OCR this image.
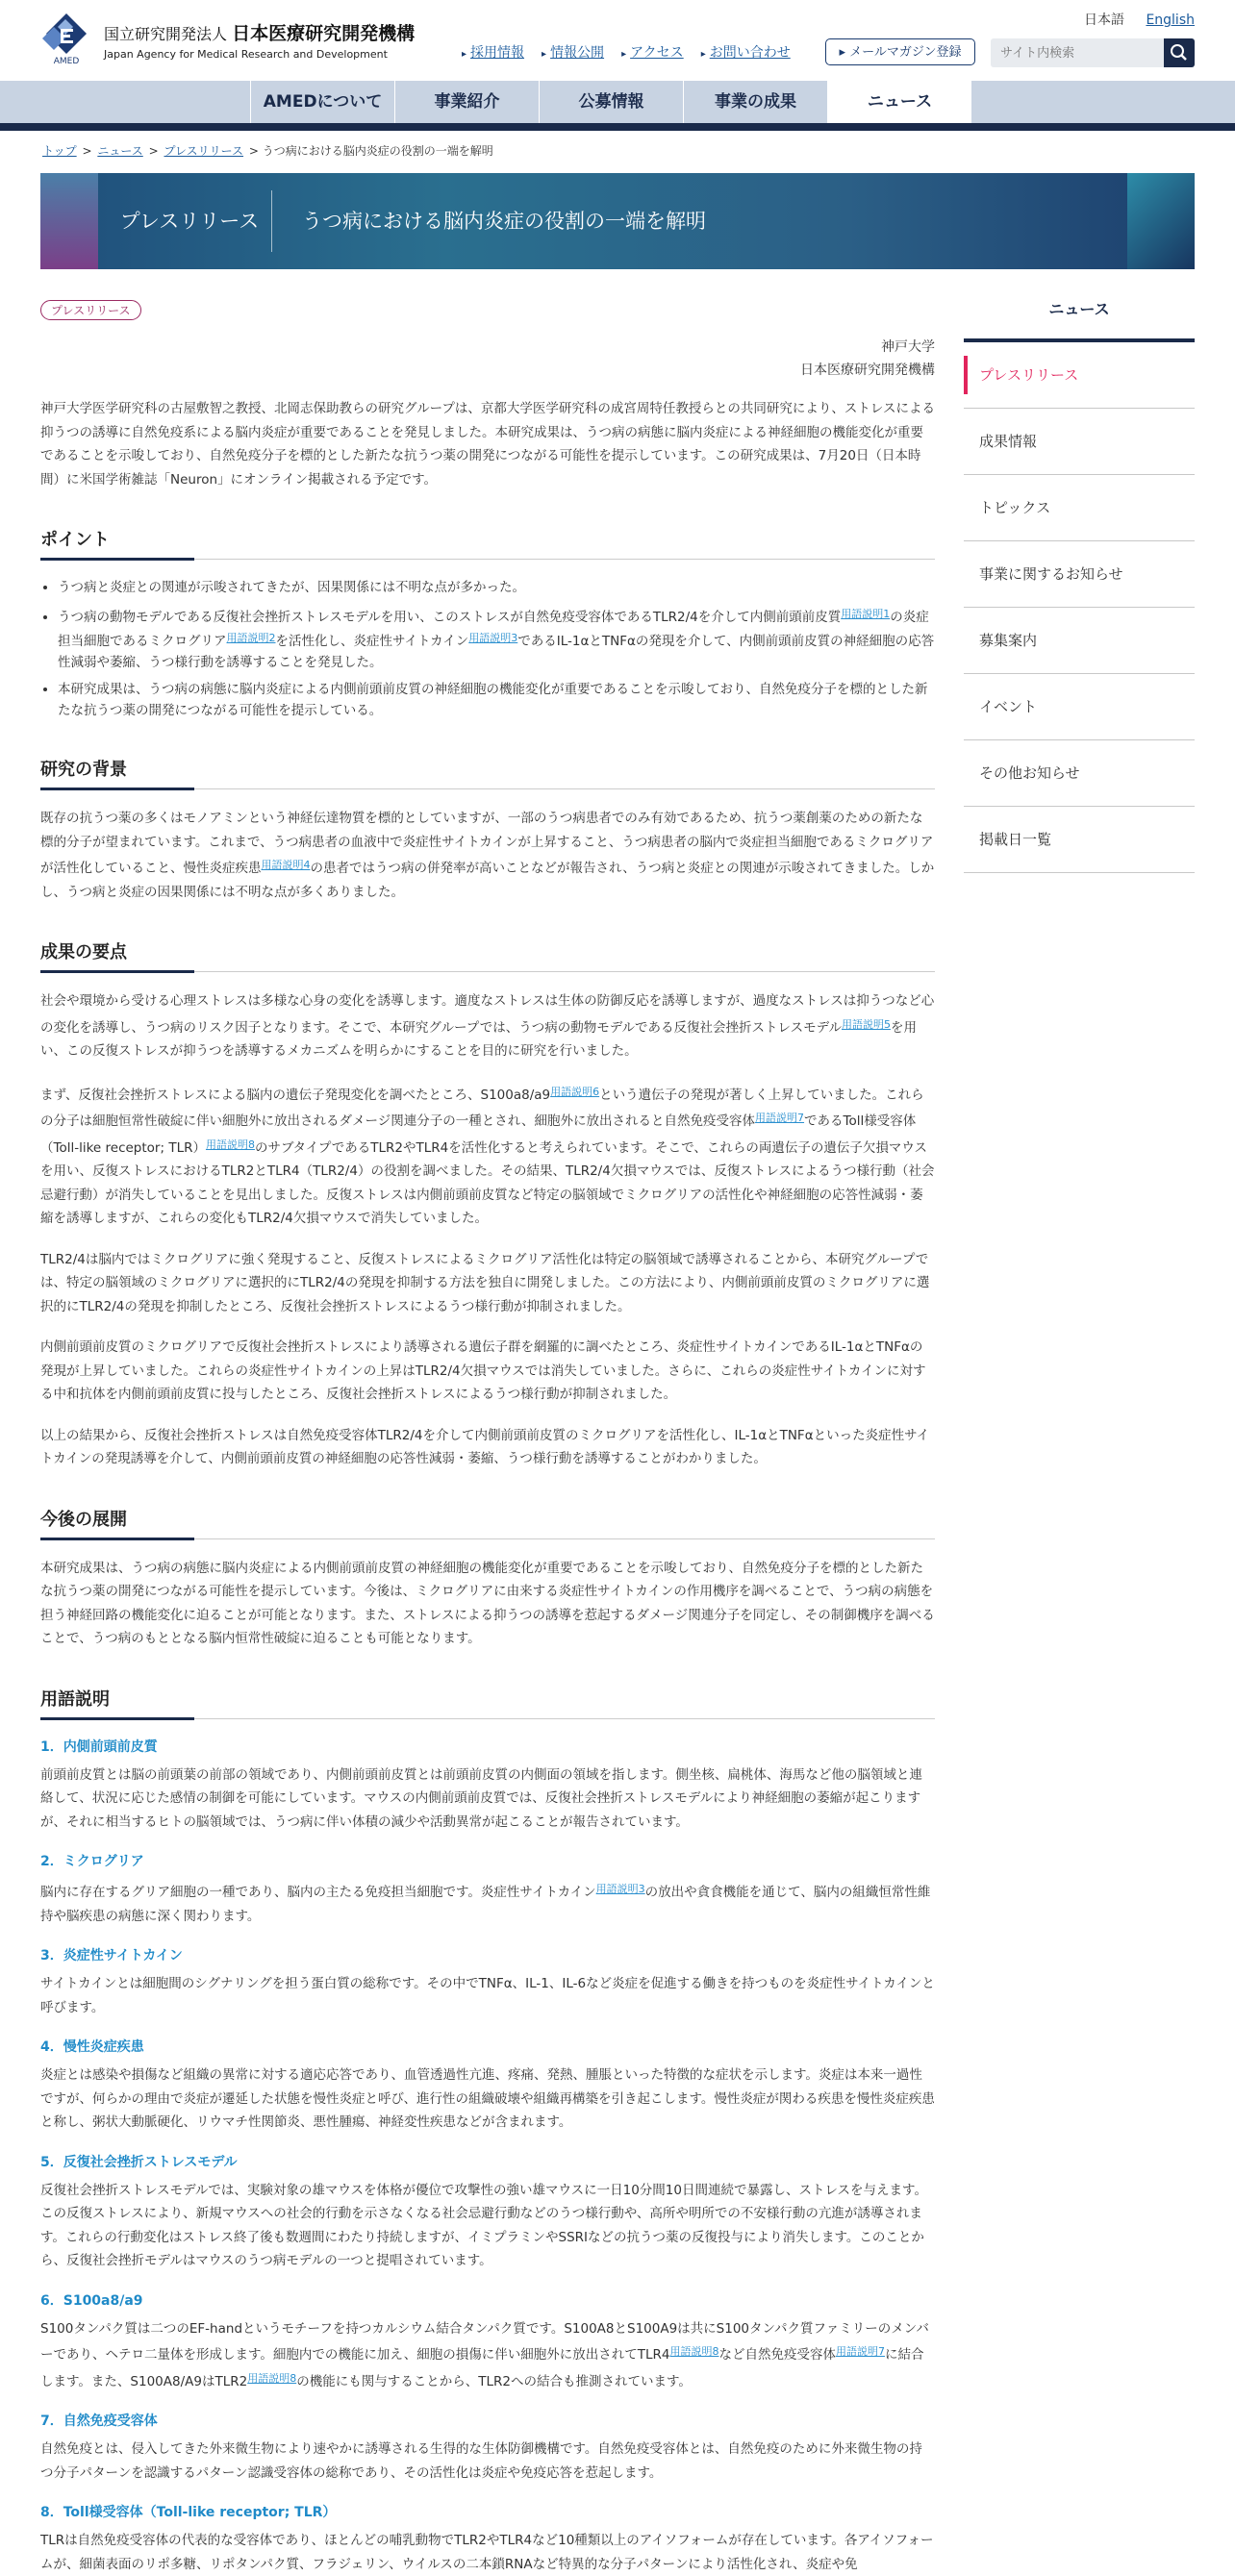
AMED
国立研究開発法人 日本医療研究開発機構
Japan Agency for Medical Research and Development
日本語 English
▸ 採用情報	▸ 情報公開	▸ アクセス	▸ お問い合わせ	▸ メールマガジン登録
サイト内検索
AMEDについて	事業紹介	公募情報	事業の成果	ニュース
トップ > ニュース > プレスリリース > うつ病における脳内炎症の役割の一端を解明
プレスリリース	うつ病における脳内炎症の役割の一端を解明
プレスリリース
神戸大学
日本医療研究開発機構

神戸大学医学研究科の古屋敷智之教授、北岡志保助教らの研究グループは、京都大学医学研究科の成宮周特任教授らとの共同研究により、ストレスによる抑うつの誘導に自然免疫系による脳内炎症が重要であることを発見しました。本研究成果は、うつ病の病態に脳内炎症による神経細胞の機能変化が重要であることを示唆しており、自然免疫分子を標的とした新たな抗うつ薬の開発につながる可能性を提示しています。この研究成果は、7月20日（日本時間）に米国学術雑誌「Neuron」にオンライン掲載される予定です。

ポイント
• うつ病と炎症との関連が示唆されてきたが、因果関係には不明な点が多かった。
• うつ病の動物モデルである反復社会挫折ストレスモデルを用い、このストレスが自然免疫受容体であるTLR2/4を介して内側前頭前皮質$^{用語説明1}$の炎症担当細胞であるミクログリア$^{用語説明2}$を活性化し、炎症性サイトカイン$^{用語説明3}$であるIL-1αとTNFαの発現を介して、内側前頭前皮質の神経細胞の応答性減弱や萎縮、うつ様行動を誘導することを発見した。
• 本研究成果は、うつ病の病態に脳内炎症による内側前頭前皮質の神経細胞の機能変化が重要であることを示唆しており、自然免疫分子を標的とした新たな抗うつ薬の開発につながる可能性を提示している。
研究の背景

既存の抗うつ薬の多くはモノアミンという神経伝達物質を標的としていますが、一部のうつ病患者でのみ有効であるため、抗うつ薬創薬のための新たな標的分子が望まれています。これまで、うつ病患者の血液中で炎症性サイトカインが上昇すること、うつ病患者の脳内で炎症担当細胞であるミクログリアが活性化していること、慢性炎症疾患$^{用語説明4}$の患者ではうつ病の併発率が高いことなどが報告され、うつ病と炎症との関連が示唆されてきました。しかし、うつ病と炎症の因果関係には不明な点が多くありました。

成果の要点

社会や環境から受ける心理ストレスは多様な心身の変化を誘導します。適度なストレスは生体の防御反応を誘導しますが、過度なストレスは抑うつなど心の変化を誘導し、うつ病のリスク因子となります。そこで、本研究グループでは、うつ病の動物モデルである反復社会挫折ストレスモデル$^{用語説明5}$を用い、この反復ストレスが抑うつを誘導するメカニズムを明らかにすることを目的に研究を行いました。

まず、反復社会挫折ストレスによる脳内の遺伝子発現変化を調べたところ、S100a8/a9$^{用語説明6}$という遺伝子の発現が著しく上昇していました。これらの分子は細胞恒常性破綻に伴い細胞外に放出されるダメージ関連分子の一種とされ、細胞外に放出されると自然免疫受容体$^{用語説明7}$であるToll様受容体（Toll-like receptor; TLR）$^{用語説明8}$のサブタイプであるTLR2やTLR4を活性化すると考えられています。そこで、これらの両遺伝子の遺伝子欠損マウスを用い、反復ストレスにおけるTLR2とTLR4（TLR2/4）の役割を調べました。その結果、TLR2/4欠損マウスでは、反復ストレスによるうつ様行動（社会忌避行動）が消失していることを見出しました。反復ストレスは内側前頭前皮質など特定の脳領域でミクログリアの活性化や神経細胞の応答性減弱・萎縮を誘導しますが、これらの変化もTLR2/4欠損マウスで消失していました。

TLR2/4は脳内ではミクログリアに強く発現すること、反復ストレスによるミクログリア活性化は特定の脳領域で誘導されることから、本研究グループでは、特定の脳領域のミクログリアに選択的にTLR2/4の発現を抑制する方法を独自に開発しました。この方法により、内側前頭前皮質のミクログリアに選択的にTLR2/4の発現を抑制したところ、反復社会挫折ストレスによるうつ様行動が抑制されました。

内側前頭前皮質のミクログリアで反復社会挫折ストレスにより誘導される遺伝子群を網羅的に調べたところ、炎症性サイトカインであるIL-1αとTNFαの発現が上昇していました。これらの炎症性サイトカインの上昇はTLR2/4欠損マウスでは消失していました。さらに、これらの炎症性サイトカインに対する中和抗体を内側前頭前皮質に投与したところ、反復社会挫折ストレスによるうつ様行動が抑制されました。

以上の結果から、反復社会挫折ストレスは自然免疫受容体TLR2/4を介して内側前頭前皮質のミクログリアを活性化し、IL-1αとTNFαといった炎症性サイトカインの発現誘導を介して、内側前頭前皮質の神経細胞の応答性減弱・萎縮、うつ様行動を誘導することがわかりました。

今後の展開

本研究成果は、うつ病の病態に脳内炎症による内側前頭前皮質の神経細胞の機能変化が重要であることを示唆しており、自然免疫分子を標的とした新たな抗うつ薬の開発につながる可能性を提示しています。今後は、ミクログリアに由来する炎症性サイトカインの作用機序を調べることで、うつ病の病態を担う神経回路の機能変化に迫ることが可能となります。また、ストレスによる抑うつの誘導を惹起するダメージ関連分子を同定し、その制御機序を調べることで、うつ病のもととなる脳内恒常性破綻に迫ることも可能となります。

用語説明
1．内側前頭前皮質

前頭前皮質とは脳の前頭葉の前部の領域であり、内側前頭前皮質とは前頭前皮質の内側面の領域を指します。側坐核、扁桃体、海馬など他の脳領域と連絡して、状況に応じた感情の制御を可能にしています。マウスの内側前頭前皮質では、反復社会挫折ストレスモデルにより神経細胞の萎縮が起こりますが、それに相当するヒトの脳領域では、うつ病に伴い体積の減少や活動異常が起こることが報告されています。

2．ミクログリア

脳内に存在するグリア細胞の一種であり、脳内の主たる免疫担当細胞です。炎症性サイトカイン$^{用語説明3}$の放出や貪食機能を通じて、脳内の組織恒常性維持や脳疾患の病態に深く関わります。

3．炎症性サイトカイン

サイトカインとは細胞間のシグナリングを担う蛋白質の総称です。その中でTNFα、IL-1、IL-6など炎症を促進する働きを持つものを炎症性サイトカインと呼びます。

4．慢性炎症疾患

炎症とは感染や損傷など組織の異常に対する適応応答であり、血管透過性亢進、疼痛、発熱、腫脹といった特徴的な症状を示します。炎症は本来一過性ですが、何らかの理由で炎症が遷延した状態を慢性炎症と呼び、進行性の組織破壊や組織再構築を引き起こします。慢性炎症が関わる疾患を慢性炎症疾患と称し、粥状大動脈硬化、リウマチ性関節炎、悪性腫瘍、神経変性疾患などが含まれます。

5．反復社会挫折ストレスモデル

反復社会挫折ストレスモデルでは、実験対象の雄マウスを体格が優位で攻撃性の強い雄マウスに一日10分間10日間連続で暴露し、ストレスを与えます。この反復ストレスにより、新規マウスへの社会的行動を示さなくなる社会忌避行動などのうつ様行動や、高所や明所での不安様行動の亢進が誘導されます。これらの行動変化はストレス終了後も数週間にわたり持続しますが、イミプラミンやSSRIなどの抗うつ薬の反復投与により消失します。このことから、反復社会挫折モデルはマウスのうつ病モデルの一つと提唱されています。

6．S100a8/a9

S100タンパク質は二つのEF-handというモチーフを持つカルシウム結合タンパク質です。S100A8とS100A9は共にS100タンパク質ファミリーのメンバーであり、ヘテロ二量体を形成します。細胞内での機能に加え、細胞の損傷に伴い細胞外に放出されてTLR4$^{用語説明8}$など自然免疫受容体$^{用語説明7}$に結合します。また、S100A8/A9はTLR2$^{用語説明8}$の機能にも関与することから、TLR2への結合も推測されています。

7．自然免疫受容体

自然免疫とは、侵入してきた外来微生物により速やかに誘導される生得的な生体防御機構です。自然免疫受容体とは、自然免疫のために外来微生物の持つ分子パターンを認識するパターン認識受容体の総称であり、その活性化は炎症や免疫応答を惹起します。

8．Toll様受容体（Toll-like receptor; TLR）

TLRは自然免疫受容体の代表的な受容体であり、ほとんどの哺乳動物でTLR2やTLR4など10種類以上のアイソフォームが存在しています。各アイソフォームが、細菌表面のリポ多糖、リポタンパク質、フラジェリン、ウイルスの二本鎖RNAなど特異的な分子パターンにより活性化され、炎症や免

ニュース
プレスリリース
成果情報
トピックス
事業に関するお知らせ
募集案内
イベント
その他お知らせ
掲載日一覧
